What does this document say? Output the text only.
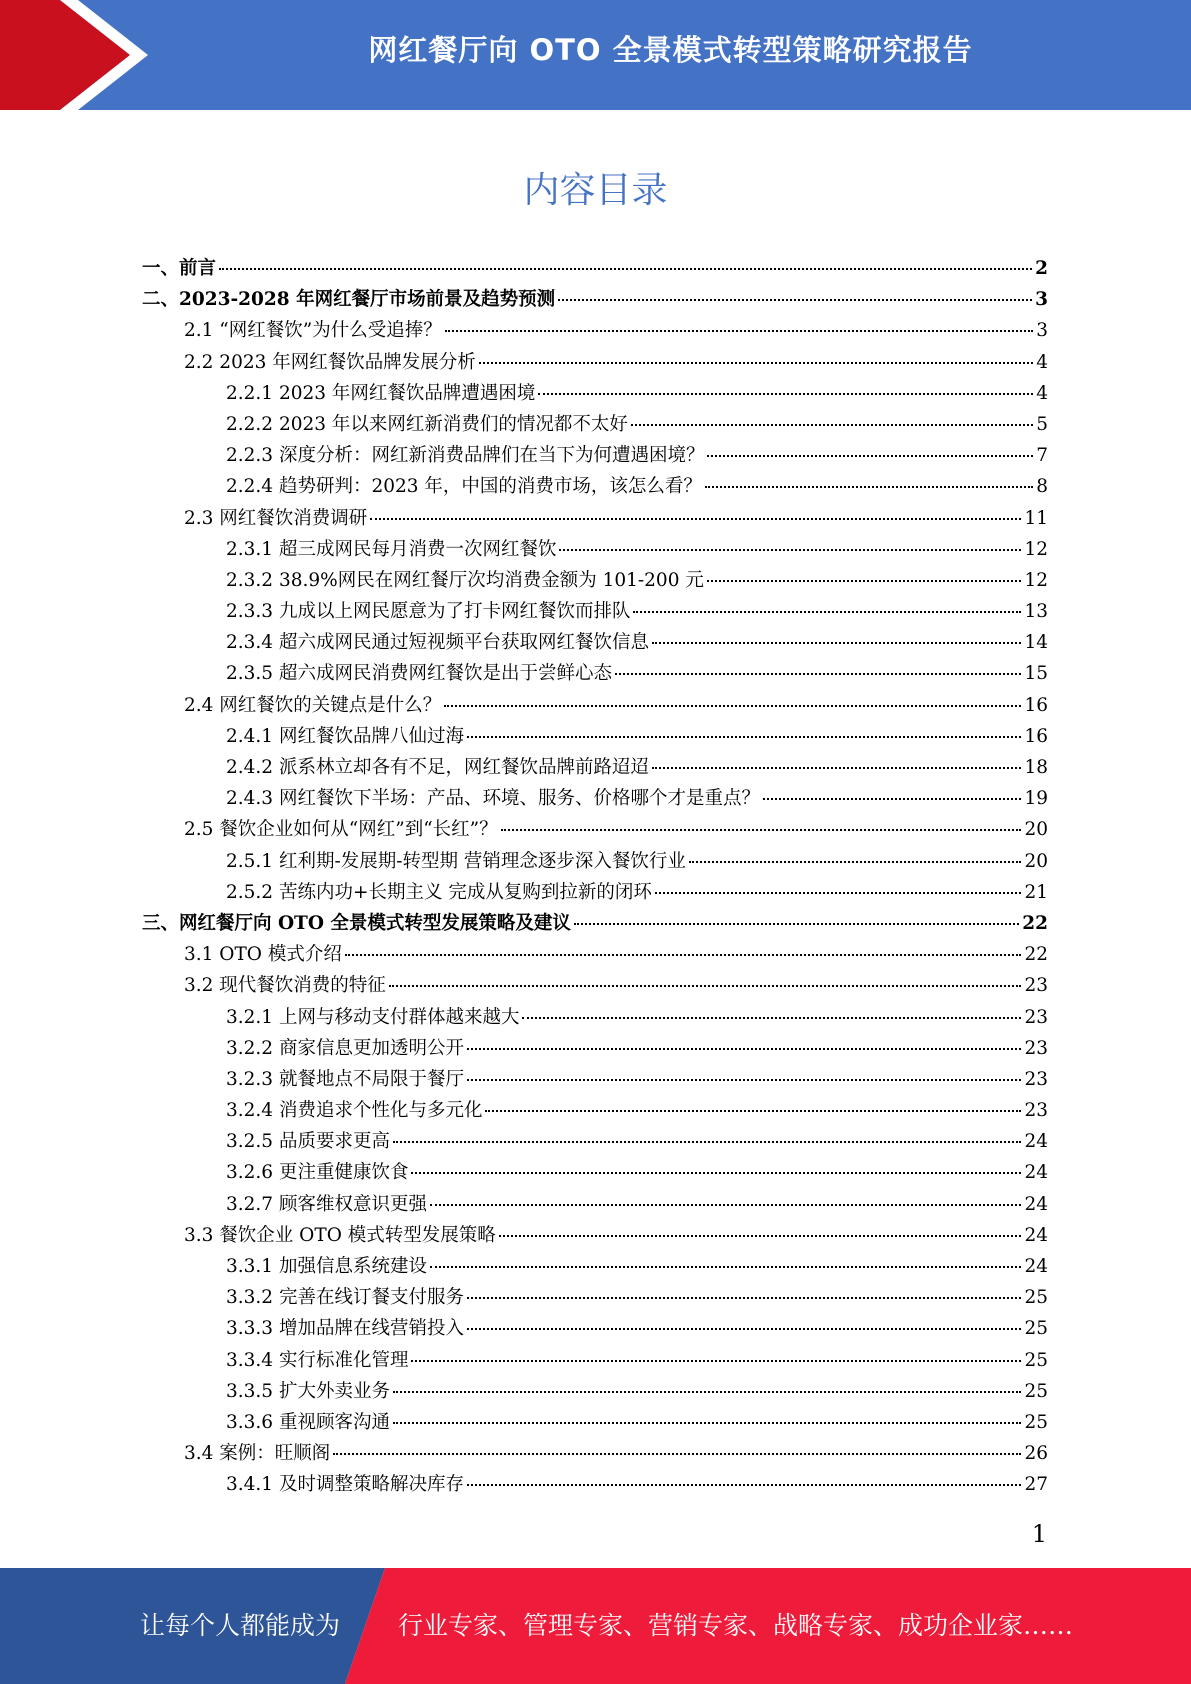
网红餐厅向 OTO 全景模式转型策略研究报告
内容目录
一、前言	2
二、2023-2028 年网红餐厅市场前景及趋势预测	3
2.1 “网红餐饮”为什么受追捧？	3
2.2 2023 年网红餐饮品牌发展分析	4
2.2.1 2023 年网红餐饮品牌遭遇困境	4
2.2.2 2023 年以来网红新消费们的情况都不太好	5
2.2.3 深度分析：网红新消费品牌们在当下为何遭遇困境？	7
2.2.4 趋势研判：2023 年，中国的消费市场，该怎么看？	8
2.3 网红餐饮消费调研	11
2.3.1 超三成网民每月消费一次网红餐饮	12
2.3.2 38.9%网民在网红餐厅次均消费金额为 101-200 元	12
2.3.3 九成以上网民愿意为了打卡网红餐饮而排队	13
2.3.4 超六成网民通过短视频平台获取网红餐饮信息	14
2.3.5 超六成网民消费网红餐饮是出于尝鲜心态	15
2.4 网红餐饮的关键点是什么？	16
2.4.1 网红餐饮品牌八仙过海	16
2.4.2 派系林立却各有不足，网红餐饮品牌前路迢迢	18
2.4.3 网红餐饮下半场：产品、环境、服务、价格哪个才是重点？	19
2.5 餐饮企业如何从“网红”到“长红”？	20
2.5.1 红利期-发展期-转型期 营销理念逐步深入餐饮行业	20
2.5.2 苦练内功+长期主义 完成从复购到拉新的闭环	21
三、网红餐厅向 OTO 全景模式转型发展策略及建议	22
3.1 OTO 模式介绍	22
3.2 现代餐饮消费的特征	23
3.2.1 上网与移动支付群体越来越大	23
3.2.2 商家信息更加透明公开	23
3.2.3 就餐地点不局限于餐厅	23
3.2.4 消费追求个性化与多元化	23
3.2.5 品质要求更高	24
3.2.6 更注重健康饮食	24
3.2.7 顾客维权意识更强	24
3.3 餐饮企业 OTO 模式转型发展策略	24
3.3.1 加强信息系统建设	24
3.3.2 完善在线订餐支付服务	25
3.3.3 增加品牌在线营销投入	25
3.3.4 实行标准化管理	25
3.3.5 扩大外卖业务	25
3.3.6 重视顾客沟通	25
3.4 案例：旺顺阁	26
3.4.1 及时调整策略解决库存	27
1
让每个人都能成为 行业专家、管理专家、营销专家、战略专家、成功企业家……
